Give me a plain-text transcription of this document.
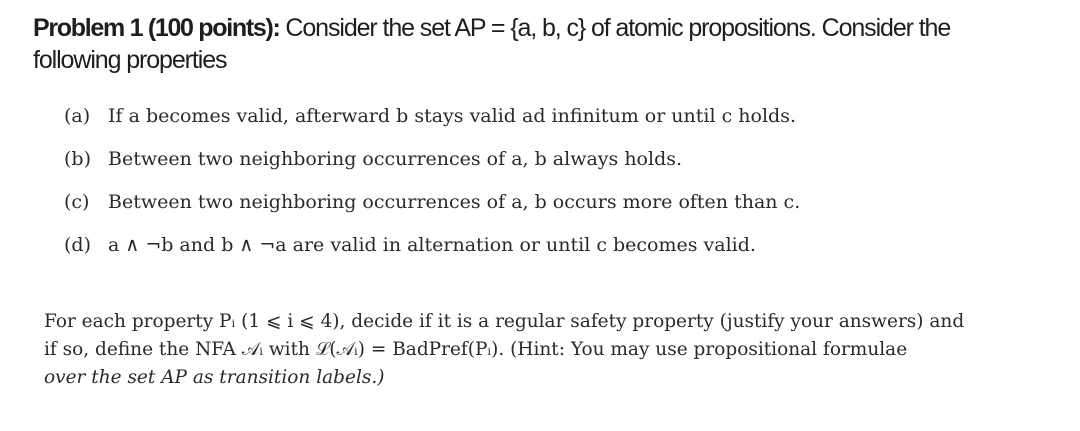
Problem 1 (100 points): Consider the set AP = {a, b, c} of atomic propositions. Consider the
following properties
(a) If a becomes valid, afterward b stays valid ad infinitum or until c holds.
(b) Between two neighboring occurrences of a, b always holds.
(c) Between two neighboring occurrences of a, b occurs more often than c.
(d) a ∧ ¬b and b ∧ ¬a are valid in alternation or until c becomes valid.
For each property Pᵢ (1 ⩽ i ⩽ 4), decide if it is a regular safety property (justify your answers) and
if so, define the NFA 𝒜ᵢ with ℒ(𝒜ᵢ) = BadPref(Pᵢ). (Hint: You may use propositional formulae
over the set AP as transition labels.)
